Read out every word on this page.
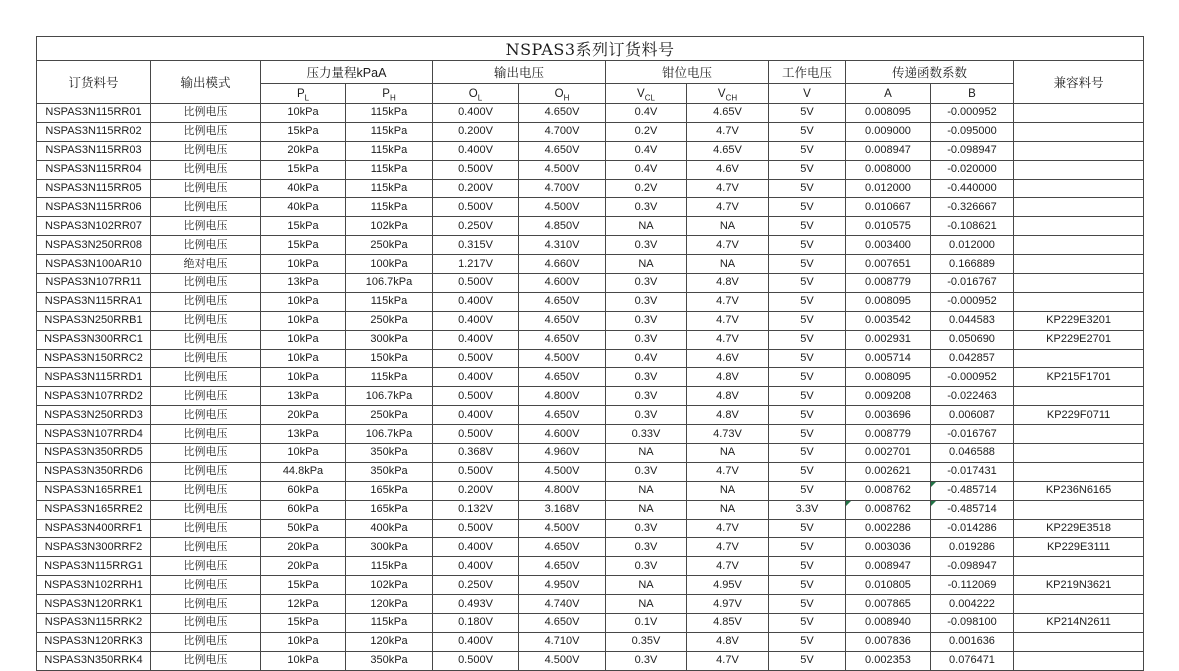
NSPAS3系列订货料号											
订货料号	输出模式	压力量程kPaA		输出电压		钳位电压		工作电压	传递函数系数		兼容料号
		$P_L$	$P_H$	$O_L$	$O_H$	$V_{CL}$	$V_{CH}$	V	A	B	
NSPAS3N115RR01	比例电压	10kPa	115kPa	0.400V	4.650V	0.4V	4.65V	5V	0.008095	-0.000952	
NSPAS3N115RR02	比例电压	15kPa	115kPa	0.200V	4.700V	0.2V	4.7V	5V	0.009000	-0.095000	
NSPAS3N115RR03	比例电压	20kPa	115kPa	0.400V	4.650V	0.4V	4.65V	5V	0.008947	-0.098947	
NSPAS3N115RR04	比例电压	15kPa	115kPa	0.500V	4.500V	0.4V	4.6V	5V	0.008000	-0.020000	
NSPAS3N115RR05	比例电压	40kPa	115kPa	0.200V	4.700V	0.2V	4.7V	5V	0.012000	-0.440000	
NSPAS3N115RR06	比例电压	40kPa	115kPa	0.500V	4.500V	0.3V	4.7V	5V	0.010667	-0.326667	
NSPAS3N102RR07	比例电压	15kPa	102kPa	0.250V	4.850V	NA	NA	5V	0.010575	-0.108621	
NSPAS3N250RR08	比例电压	15kPa	250kPa	0.315V	4.310V	0.3V	4.7V	5V	0.003400	0.012000	
NSPAS3N100AR10	绝对电压	10kPa	100kPa	1.217V	4.660V	NA	NA	5V	0.007651	0.166889	
NSPAS3N107RR11	比例电压	13kPa	106.7kPa	0.500V	4.600V	0.3V	4.8V	5V	0.008779	-0.016767	
NSPAS3N115RRA1	比例电压	10kPa	115kPa	0.400V	4.650V	0.3V	4.7V	5V	0.008095	-0.000952	
NSPAS3N250RRB1	比例电压	10kPa	250kPa	0.400V	4.650V	0.3V	4.7V	5V	0.003542	0.044583	KP229E3201
NSPAS3N300RRC1	比例电压	10kPa	300kPa	0.400V	4.650V	0.3V	4.7V	5V	0.002931	0.050690	KP229E2701
NSPAS3N150RRC2	比例电压	10kPa	150kPa	0.500V	4.500V	0.4V	4.6V	5V	0.005714	0.042857	
NSPAS3N115RRD1	比例电压	10kPa	115kPa	0.400V	4.650V	0.3V	4.8V	5V	0.008095	-0.000952	KP215F1701
NSPAS3N107RRD2	比例电压	13kPa	106.7kPa	0.500V	4.800V	0.3V	4.8V	5V	0.009208	-0.022463	
NSPAS3N250RRD3	比例电压	20kPa	250kPa	0.400V	4.650V	0.3V	4.8V	5V	0.003696	0.006087	KP229F0711
NSPAS3N107RRD4	比例电压	13kPa	106.7kPa	0.500V	4.600V	0.33V	4.73V	5V	0.008779	-0.016767	
NSPAS3N350RRD5	比例电压	10kPa	350kPa	0.368V	4.960V	NA	NA	5V	0.002701	0.046588	
NSPAS3N350RRD6	比例电压	44.8kPa	350kPa	0.500V	4.500V	0.3V	4.7V	5V	0.002621	-0.017431	
NSPAS3N165RRE1	比例电压	60kPa	165kPa	0.200V	4.800V	NA	NA	5V	0.008762	-0.485714	KP236N6165
NSPAS3N165RRE2	比例电压	60kPa	165kPa	0.132V	3.168V	NA	NA	3.3V	0.008762	-0.485714	
NSPAS3N400RRF1	比例电压	50kPa	400kPa	0.500V	4.500V	0.3V	4.7V	5V	0.002286	-0.014286	KP229E3518
NSPAS3N300RRF2	比例电压	20kPa	300kPa	0.400V	4.650V	0.3V	4.7V	5V	0.003036	0.019286	KP229E3111
NSPAS3N115RRG1	比例电压	20kPa	115kPa	0.400V	4.650V	0.3V	4.7V	5V	0.008947	-0.098947	
NSPAS3N102RRH1	比例电压	15kPa	102kPa	0.250V	4.950V	NA	4.95V	5V	0.010805	-0.112069	KP219N3621
NSPAS3N120RRK1	比例电压	12kPa	120kPa	0.493V	4.740V	NA	4.97V	5V	0.007865	0.004222	
NSPAS3N115RRK2	比例电压	15kPa	115kPa	0.180V	4.650V	0.1V	4.85V	5V	0.008940	-0.098100	KP214N2611
NSPAS3N120RRK3	比例电压	10kPa	120kPa	0.400V	4.710V	0.35V	4.8V	5V	0.007836	0.001636	
NSPAS3N350RRK4	比例电压	10kPa	350kPa	0.500V	4.500V	0.3V	4.7V	5V	0.002353	0.076471	
